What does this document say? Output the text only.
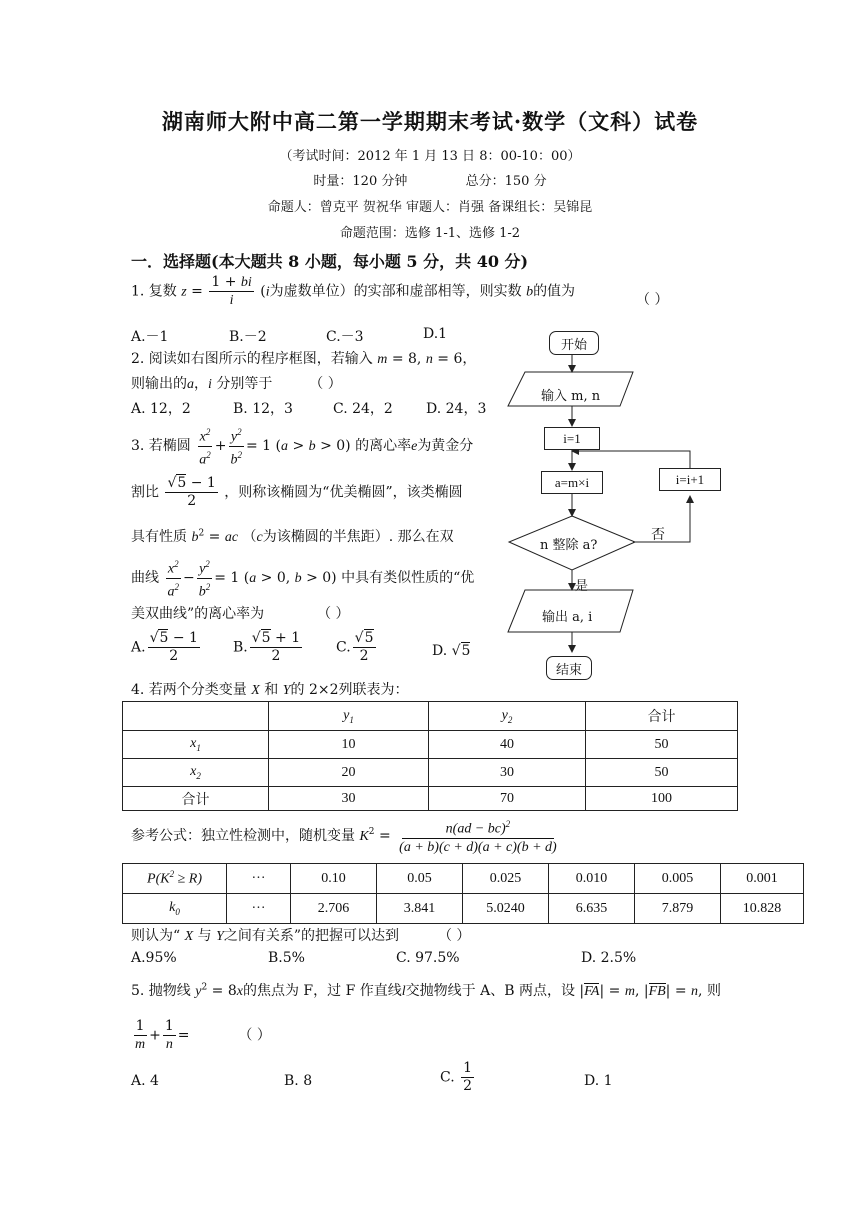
湖南师大附中高二第一学期期末考试·数学（文科）试卷
（考试时间：2012 年 1 月 13 日 8：00-10：00）
时量：120 分钟	总分：150 分
命题人：曾克平 贺祝华 审题人：肖强 备课组长：吴锦昆
命题范围：选修 1-1、选修 1-2
一．选择题(本大题共 8 小题，每小题 5 分，共 40 分)
1. 复数 $z = \frac{1 + bi}{i} (i$为虚数单位）的实部和虚部相等，则实数 b的值为
（ ）
A.－1	B.－2	C.－3	D.1
2. 阅读如右图所示的程序框图，若输入 m = 8, n = 6，
则输出的a，i 分别等于	（ ）
A. 12，2	B. 12，3	C. 24，2 D. 24，3
3. 若椭圆 $\frac{x^2}{a^2} + \frac{y^2}{b^2} = 1$ (a > b > 0) 的离心率e为黄金分
割比 $\frac{√5 - 1}{2}$ ，则称该椭圆为“优美椭圆”，该类椭圆
具有性质 $b^2$ = ac （c为该椭圆的半焦距）. 那么在双
曲线 $\frac{x^2}{a^2} - \frac{y^2}{b^2} = 1$ (a > 0, b > 0) 中具有类似性质的“优
美双曲线”的离心率为	（ ）
A. $\frac{√5 - 1}{2} B$. $\frac{√5 + 1}{2} C$. $\frac{√5}{2}$	D. √5
开始
输入 m, n
i=1
a=m×i	i=i+1
n 整除 a?
否
是
输出 a, i
结束
4. 若两个分类变量 X 和 Y的 2×2列联表为：
	$y_1$	$y_2$	合计
$x_1$	10	40	50
$x_2$	20	30	50
合计	30	70	100
参考公式：独立性检测中，随机变量 $K^2 = \frac{n(ad - bc)^2}{(a + b)(c + d)(a + c)(b + d)}$
$P(K^2 \ge R)$	···	0.10	0.05	0.025	0.010	0.005	0.001
$k_0$	···	2.706	3.841	5.0240	6.635	7.879	10.828
则认为“ X 与 Y之间有关系”的把握可以达到	（ ）
A.95%	B.5%	C. 97.5%	D. 2.5%
5. 抛物线 $y^2 = 8x$的焦点为 F，过 F 作直线l交抛物线于 A、B 两点，设 |FA| = m, |FB| = n, 则
$\frac{1}{m} + \frac{1}{n}$ =	（ ）
A. 4	B. 8	C. $\frac{1}{2}$	D. 1
